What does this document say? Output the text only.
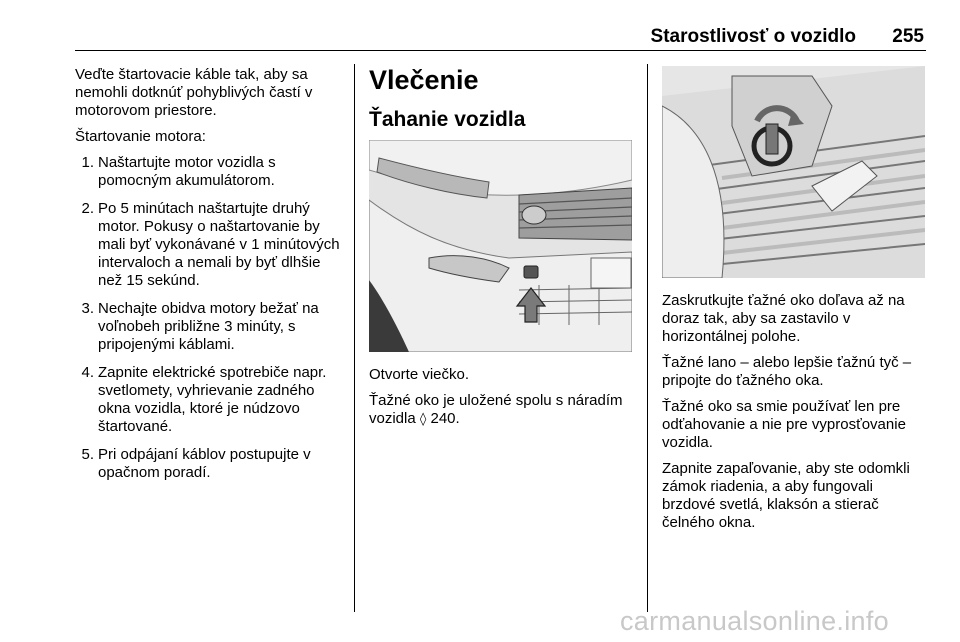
Starostlivosť o vozidlo 255

Veďte štartovacie káble tak, aby sa nemohli dotknúť pohyblivých častí v motorovom priestore.

Štartovanie motora:

1. Naštartujte motor vozidla s pomocným akumulátorom.
2. Po 5 minútach naštartujte druhý motor. Pokusy o naštartovanie by mali byť vykonávané v 1 minútových intervaloch a nemali by byť dlhšie než 15 sekúnd.
3. Nechajte obidva motory bežať na voľnobeh približne 3 minúty, s pripojenými káblami.
4. Zapnite elektrické spotrebiče napr. svetlomety, vyhrievanie zadného okna vozidla, ktoré je núdzovo štartované.
5. Pri odpájaní káblov postupujte v opačnom poradí.
Vlečenie
Ťahanie vozidla

Otvorte viečko.

Ťažné oko je uložené spolu s náradím vozidla ◊ 240.

Zaskrutkujte ťažné oko doľava až na doraz tak, aby sa zastavilo v horizontálnej polohe.

Ťažné lano – alebo lepšie ťažnú tyč – pripojte do ťažného oka.

Ťažné oko sa smie používať len pre odťahovanie a nie pre vyprosťovanie vozidla.

Zapnite zapaľovanie, aby ste odomkli zámok riadenia, a aby fungovali brzdové svetlá, klaksón a stierač čelného okna.

carmanualsonline.info
